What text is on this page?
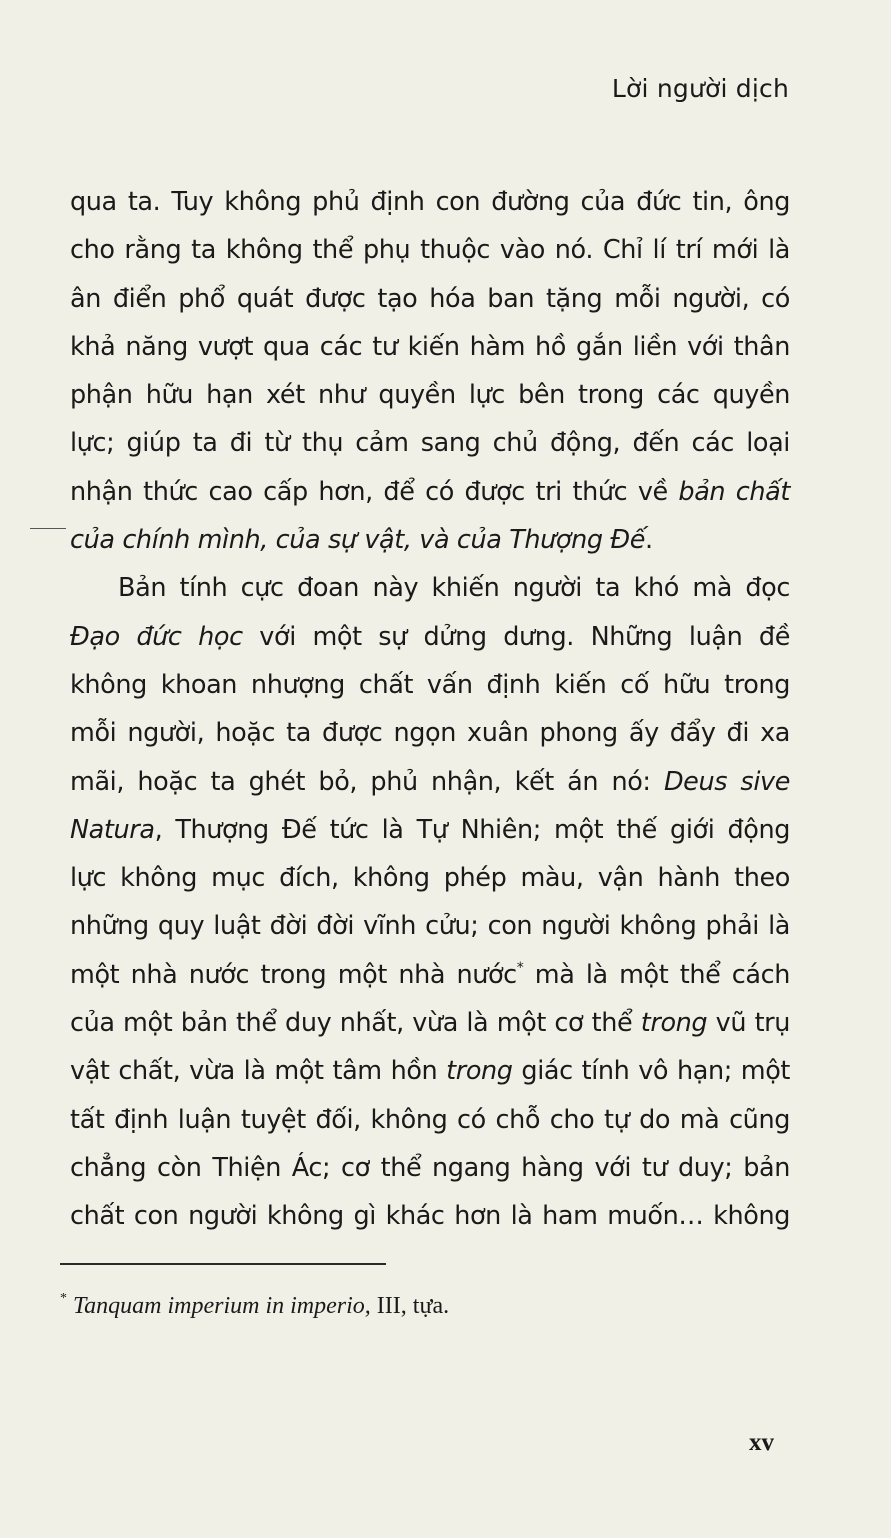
Lời người dịch
qua ta. Tuy không phủ định con đường của đức tin, ông
cho rằng ta không thể phụ thuộc vào nó. Chỉ lí trí mới là
ân điển phổ quát được tạo hóa ban tặng mỗi người, có
khả năng vượt qua các tư kiến hàm hồ gắn liền với thân
phận hữu hạn xét như quyền lực bên trong các quyền
lực; giúp ta đi từ thụ cảm sang chủ động, đến các loại
nhận thức cao cấp hơn, để có được tri thức về bản chất
của chính mình, của sự vật, và của Thượng Đế.
Bản tính cực đoan này khiến người ta khó mà đọc
Đạo đức học với một sự dửng dưng. Những luận đề
không khoan nhượng chất vấn định kiến cố hữu trong
mỗi người, hoặc ta được ngọn xuân phong ấy đẩy đi xa
mãi, hoặc ta ghét bỏ, phủ nhận, kết án nó: Deus sive
Natura, Thượng Đế tức là Tự Nhiên; một thế giới động
lực không mục đích, không phép màu, vận hành theo
những quy luật đời đời vĩnh cửu; con người không phải là
một nhà nước trong một nhà nước* mà là một thể cách
của một bản thể duy nhất, vừa là một cơ thể trong vũ trụ
vật chất, vừa là một tâm hồn trong giác tính vô hạn; một
tất định luận tuyệt đối, không có chỗ cho tự do mà cũng
chẳng còn Thiện Ác; cơ thể ngang hàng với tư duy; bản
chất con người không gì khác hơn là ham muốn… không
* Tanquam imperium in imperio, III, tựa.
xv
